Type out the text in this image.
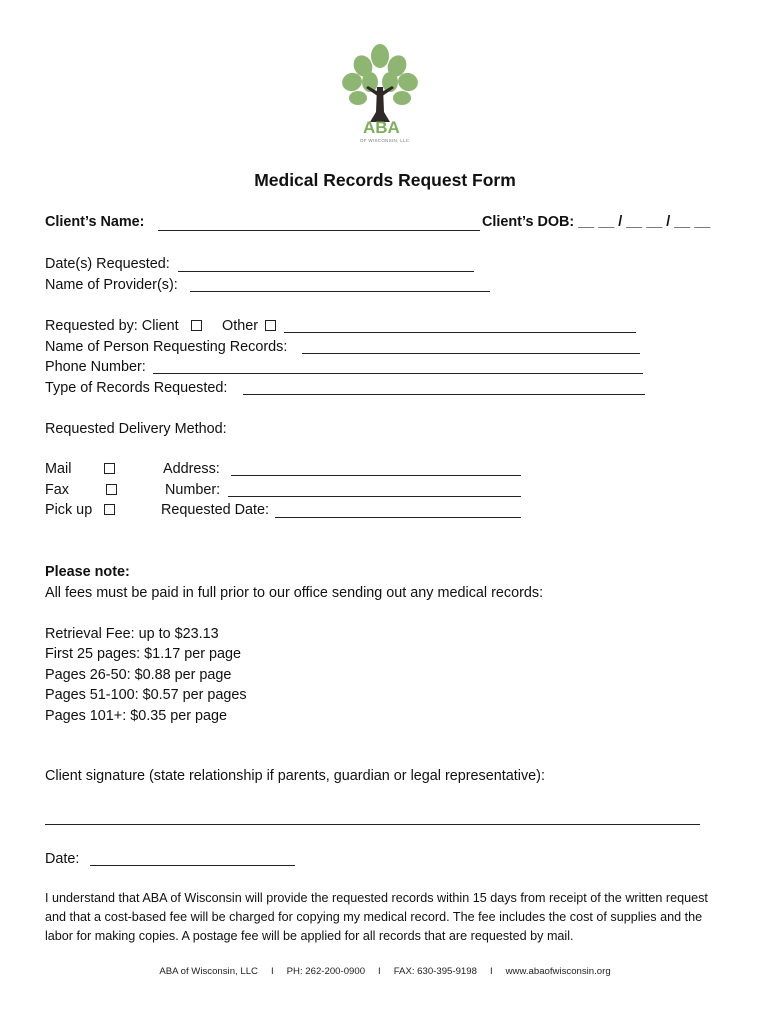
ABA
OF WISCONSIN, LLC
Medical Records Request Form
Client’s Name:	Client’s DOB: __ __ / __ __ / __ __
Date(s) Requested:
Name of Provider(s):
Requested by: Client	Other
Name of Person Requesting Records:
Phone Number:
Type of Records Requested:
Requested Delivery Method:
Mail	Address:
Fax	Number:
Pick up	Requested Date:
Please note:
All fees must be paid in full prior to our office sending out any medical records:
Retrieval Fee: up to $23.13
First 25 pages: $1.17 per page
Pages 26-50: $0.88 per page
Pages 51-100: $0.57 per pages
Pages 101+: $0.35 per page
Client signature (state relationship if parents, guardian or legal representative):
Date:
I understand that ABA of Wisconsin will provide the requested records within 15 days from receipt of the written request and that a cost-based fee will be charged for copying my medical record. The fee includes the cost of supplies and the labor for making copies. A postage fee will be applied for all records that are requested by mail.
ABA of Wisconsin, LLC I PH: 262-200-0900 I FAX: 630-395-9198 I www.abaofwisconsin.org
